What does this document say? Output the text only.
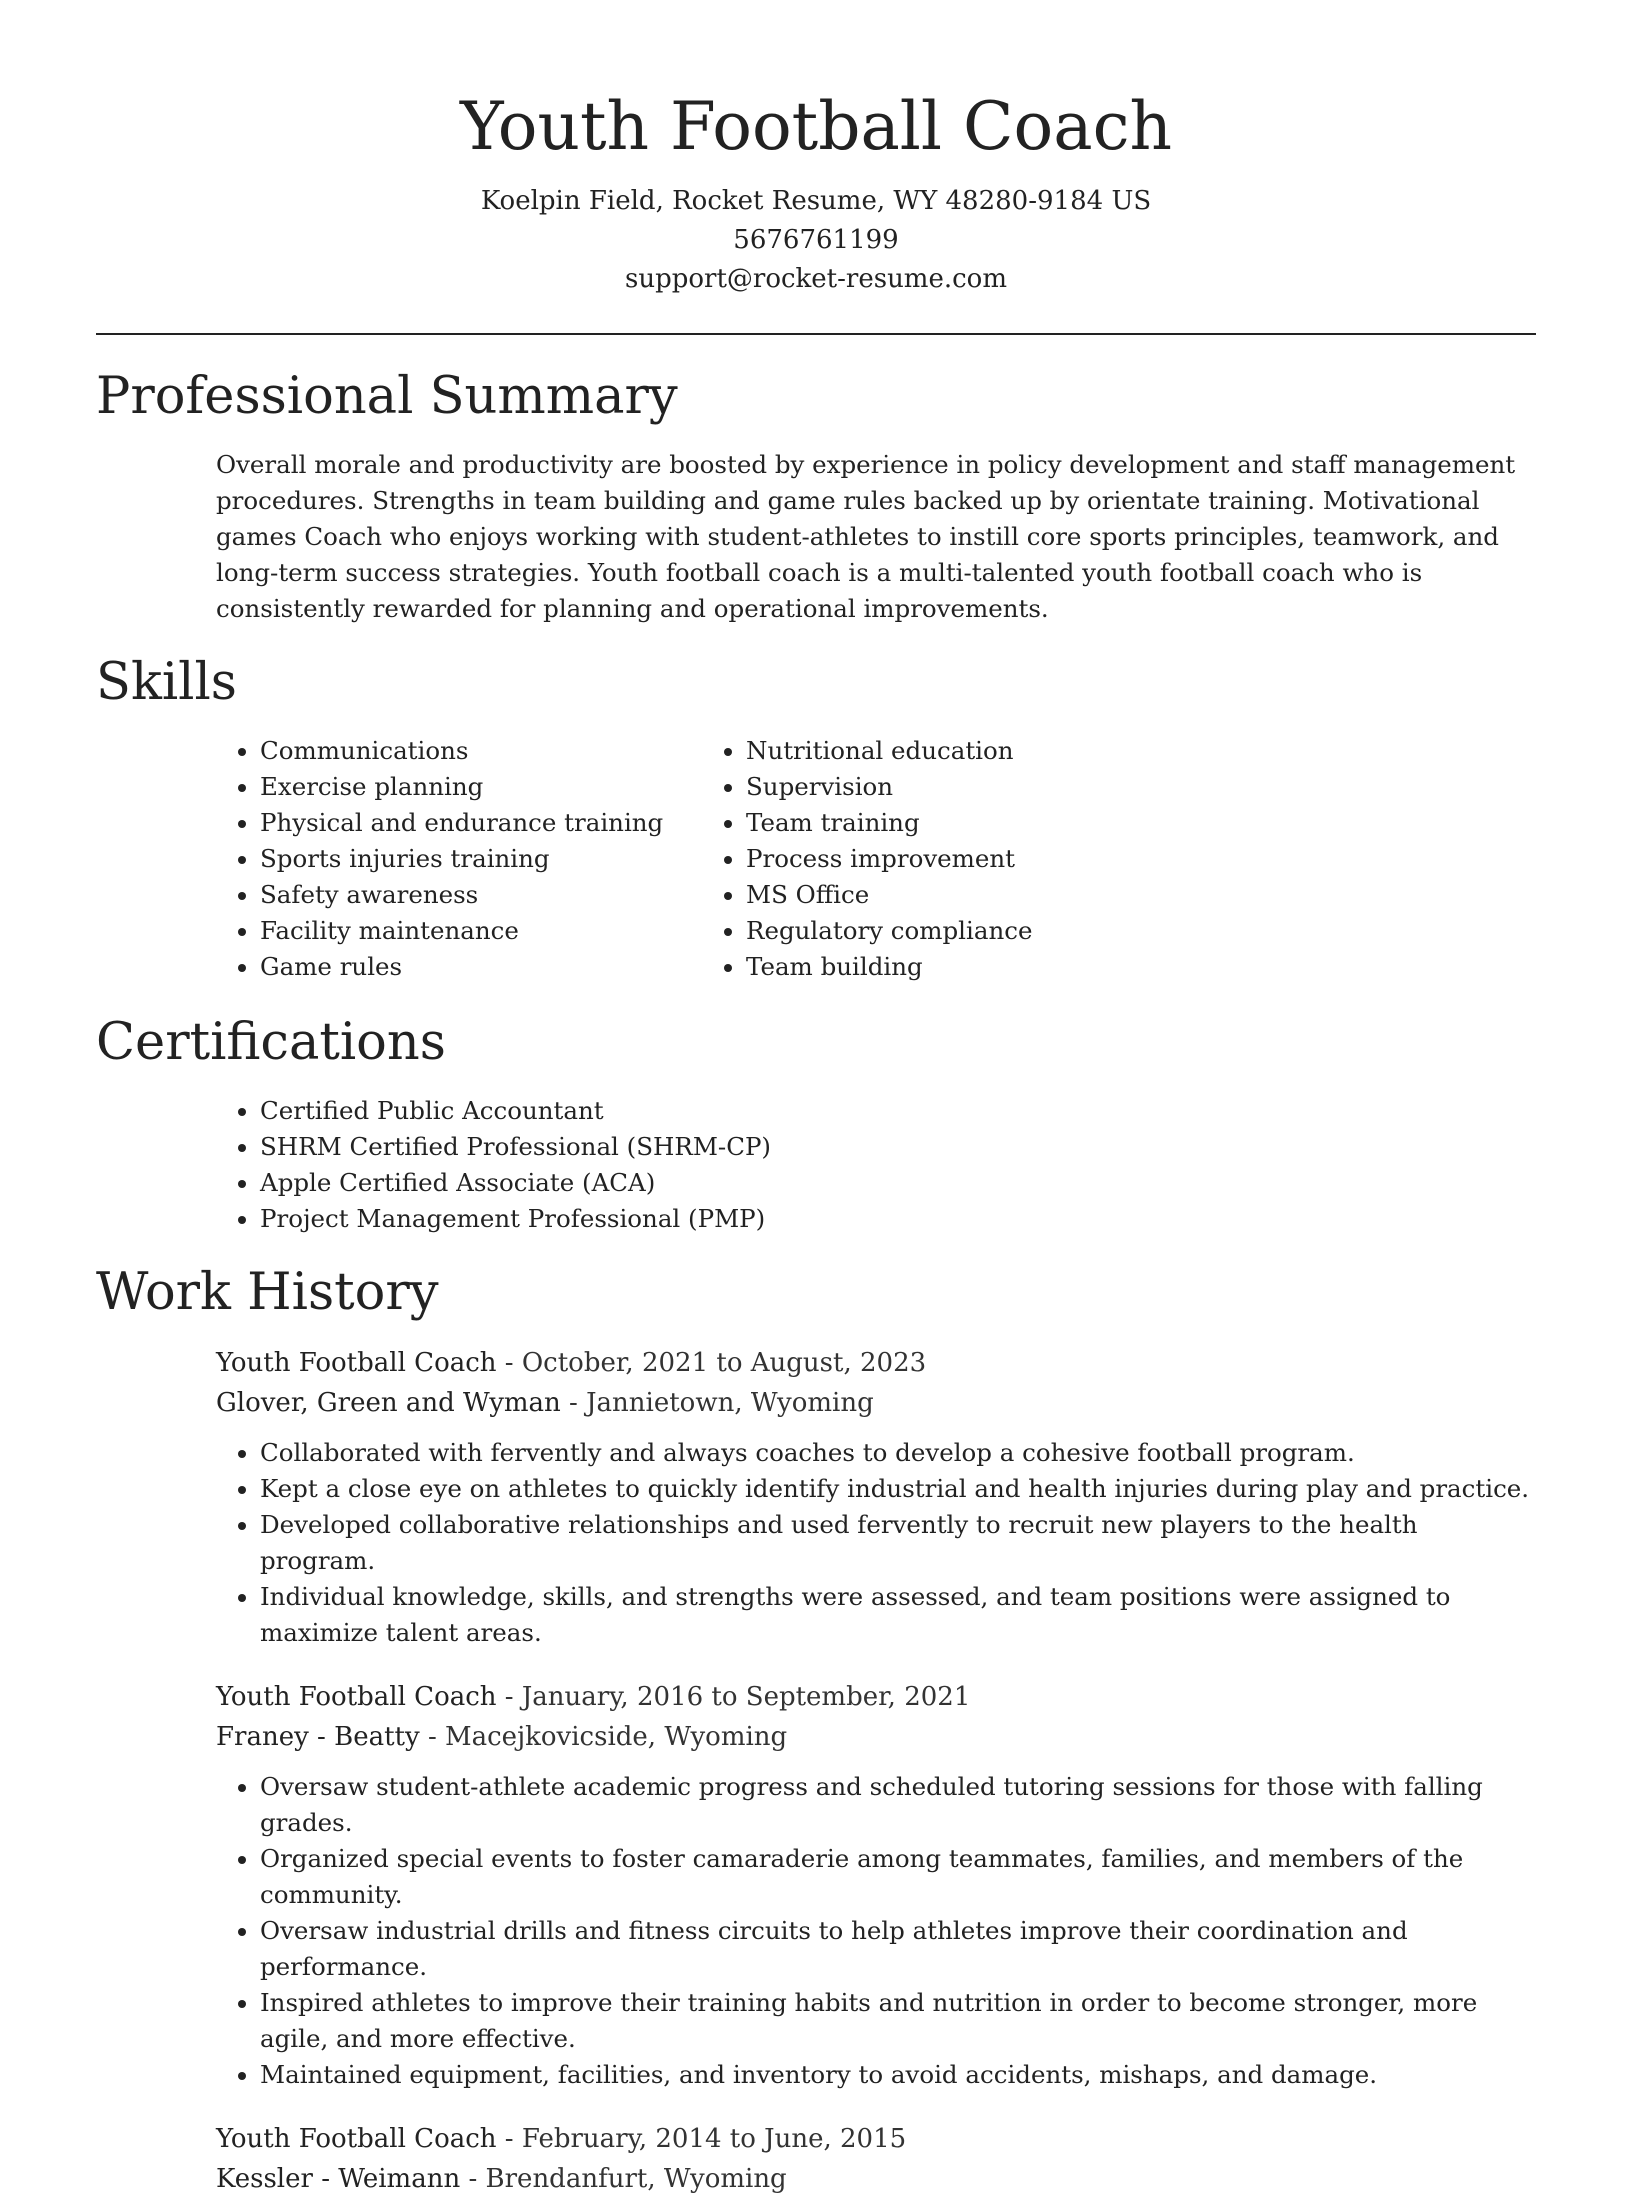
Youth Football Coach
Koelpin Field, Rocket Resume, WY 48280-9184 US
5676761199
support@rocket-resume.com
Professional Summary

Overall morale and productivity are boosted by experience in policy development and staff management procedures. Strengths in team building and game rules backed up by orientate training. Motivational games Coach who enjoys working with student-athletes to instill core sports principles, teamwork, and long-term success strategies. Youth football coach is a multi-talented youth football coach who is consistently rewarded for planning and operational improvements.

Skills
• Communications
• Exercise planning
• Physical and endurance training
• Sports injuries training
• Safety awareness
• Facility maintenance
• Game rules
• Nutritional education
• Supervision
• Team training
• Process improvement
• MS Office
• Regulatory compliance
• Team building
Certifications
• Certified Public Accountant
• SHRM Certified Professional (SHRM-CP)
• Apple Certified Associate (ACA)
• Project Management Professional (PMP)
Work History
Youth Football Coach - October, 2021 to August, 2023
Glover, Green and Wyman - Jannietown, Wyoming
• Collaborated with fervently and always coaches to develop a cohesive football program.
• Kept a close eye on athletes to quickly identify industrial and health injuries during play and practice.
• Developed collaborative relationships and used fervently to recruit new players to the health program.
• Individual knowledge, skills, and strengths were assessed, and team positions were assigned to maximize talent areas.
Youth Football Coach - January, 2016 to September, 2021
Franey - Beatty - Macejkovicside, Wyoming
• Oversaw student-athlete academic progress and scheduled tutoring sessions for those with falling grades.
• Organized special events to foster camaraderie among teammates, families, and members of the community.
• Oversaw industrial drills and fitness circuits to help athletes improve their coordination and performance.
• Inspired athletes to improve their training habits and nutrition in order to become stronger, more agile, and more effective.
• Maintained equipment, facilities, and inventory to avoid accidents, mishaps, and damage.
Youth Football Coach - February, 2014 to June, 2015
Kessler - Weimann - Brendanfurt, Wyoming
